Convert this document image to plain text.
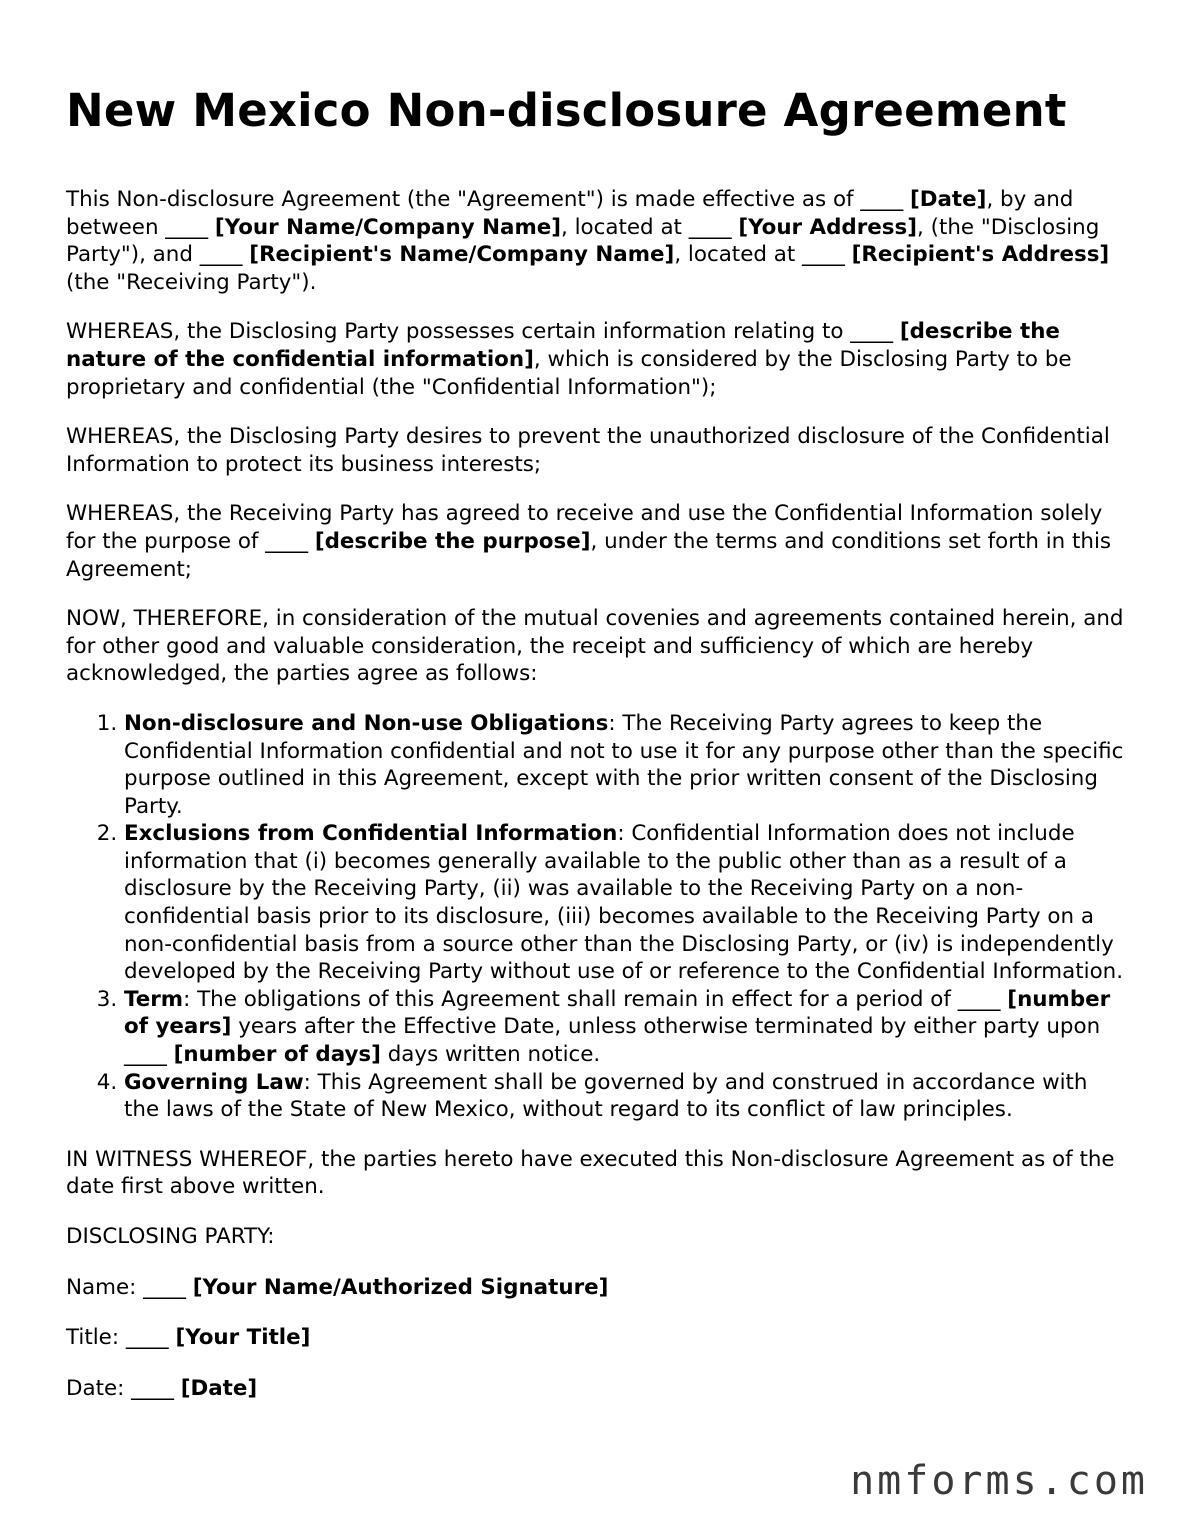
New Mexico Non-disclosure Agreement

This Non-disclosure Agreement (the "Agreement") is made effective as of ____ [Date], by and between ____ [Your Name/Company Name], located at ____ [Your Address], (the "Disclosing Party"), and ____ [Recipient's Name/Company Name], located at ____ [Recipient's Address] (the "Receiving Party").

WHEREAS, the Disclosing Party possesses certain information relating to ____ [describe the nature of the confidential information], which is considered by the Disclosing Party to be proprietary and confidential (the "Confidential Information");

WHEREAS, the Disclosing Party desires to prevent the unauthorized disclosure of the Confidential Information to protect its business interests;

WHEREAS, the Receiving Party has agreed to receive and use the Confidential Information solely for the purpose of ____ [describe the purpose], under the terms and conditions set forth in this Agreement;

NOW, THEREFORE, in consideration of the mutual covenies and agreements contained herein, and for other good and valuable consideration, the receipt and sufficiency of which are hereby acknowledged, the parties agree as follows:

1. Non-disclosure and Non-use Obligations: The Receiving Party agrees to keep the Confidential Information confidential and not to use it for any purpose other than the specific purpose outlined in this Agreement, except with the prior written consent of the Disclosing Party.
2. Exclusions from Confidential Information: Confidential Information does not include information that (i) becomes generally available to the public other than as a result of a disclosure by the Receiving Party, (ii) was available to the Receiving Party on a non-confidential basis prior to its disclosure, (iii) becomes available to the Receiving Party on a non-confidential basis from a source other than the Disclosing Party, or (iv) is independently developed by the Receiving Party without use of or reference to the Confidential Information.
3. Term: The obligations of this Agreement shall remain in effect for a period of ____ [number of years] years after the Effective Date, unless otherwise terminated by either party upon ____ [number of days] days written notice.
4. Governing Law: This Agreement shall be governed by and construed in accordance with the laws of the State of New Mexico, without regard to its conflict of law principles.

IN WITNESS WHEREOF, the parties hereto have executed this Non-disclosure Agreement as of the date first above written.

DISCLOSING PARTY:

Name: ____ [Your Name/Authorized Signature]

Title: ____ [Your Title]

Date: ____ [Date]

nmforms.com
